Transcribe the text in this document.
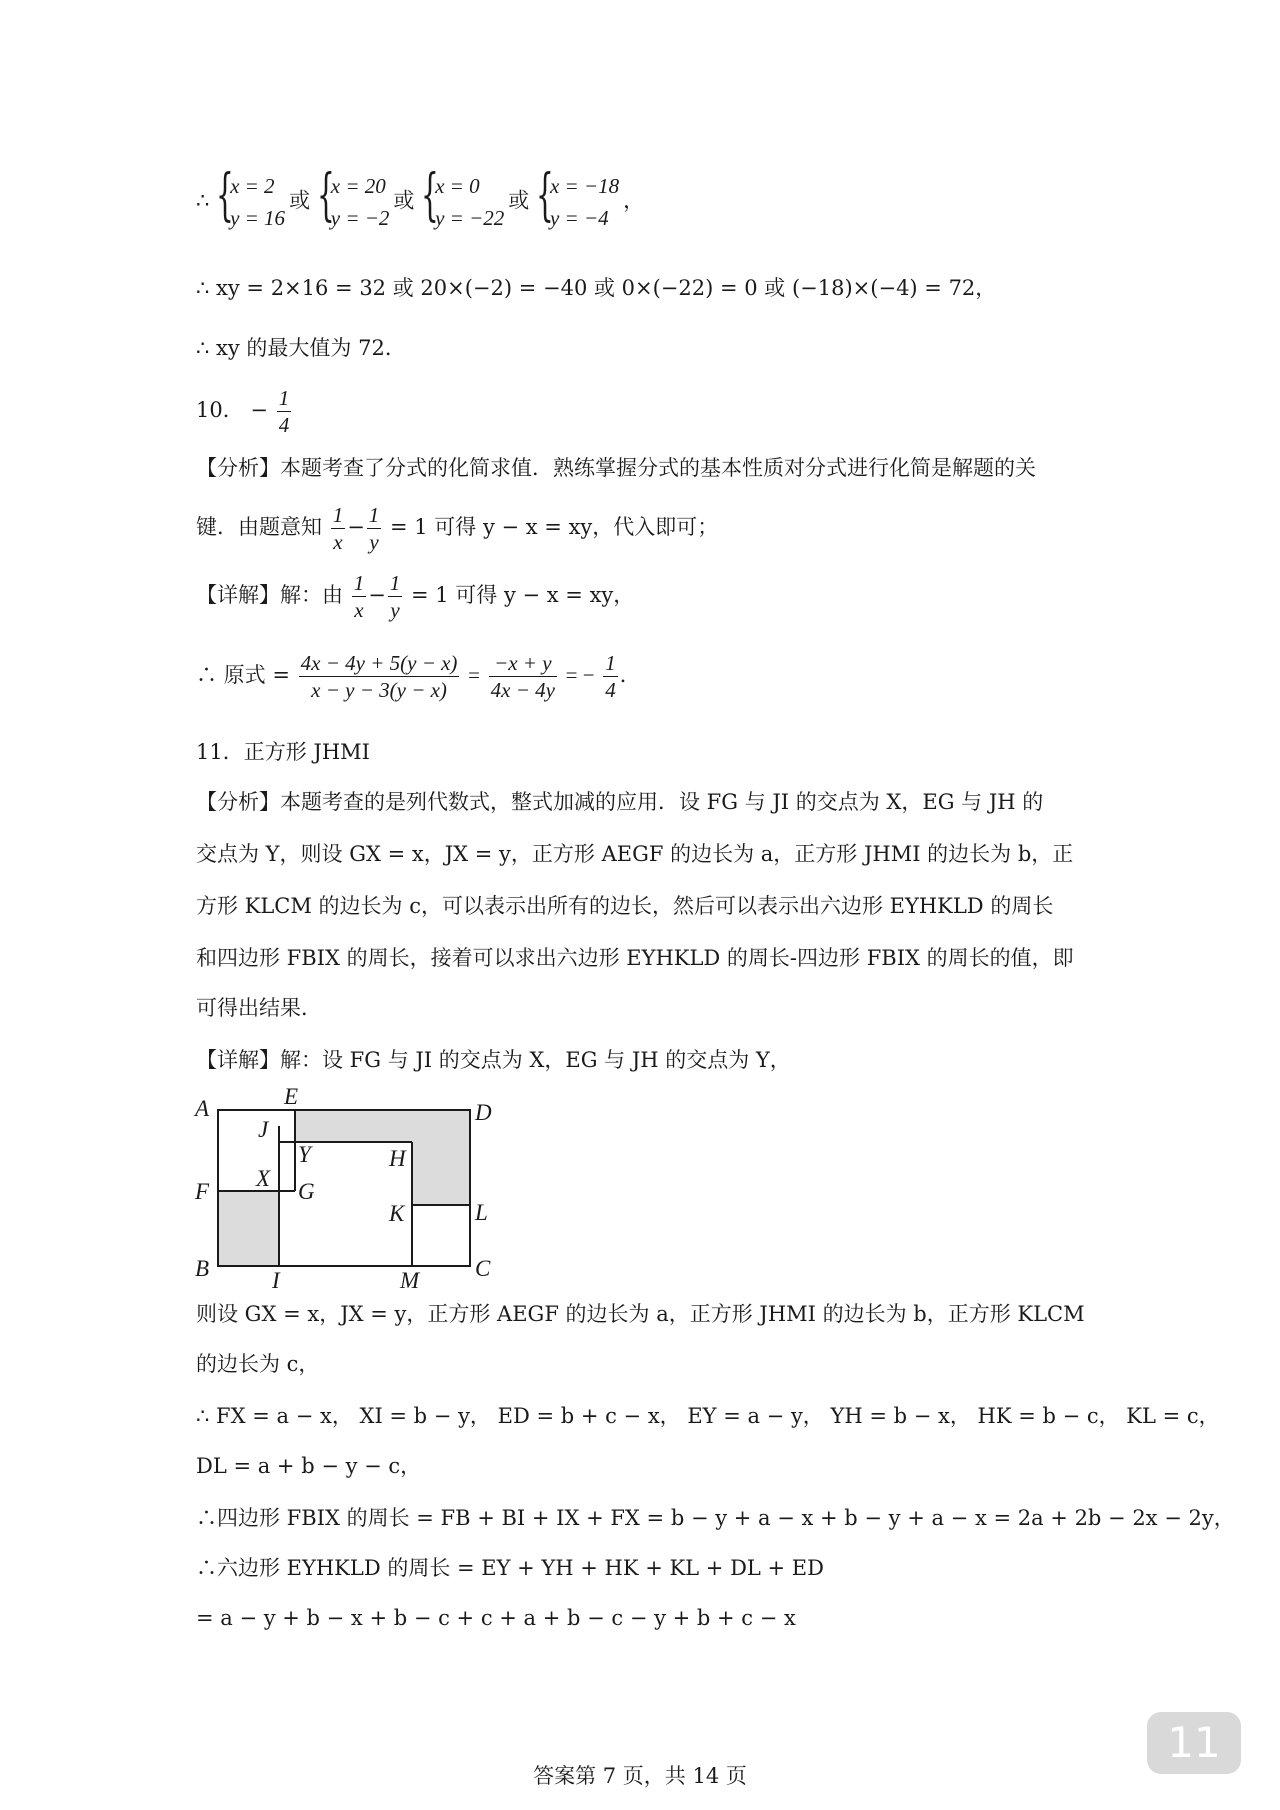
∴ {
x = 2
y = 16
或 {
x = 20
y = −2
或 {
x = 0
y = −22
或 {
x = −18
y = −4
，
∴ xy = 2×16 = 32 或 20×(−2) = −40 或 0×(−22) = 0 或 (−18)×(−4) = 72，
∴ xy 的最大值为 72．
10． − $\frac{1}{4}$
【分析】本题考查了分式的化简求值．熟练掌握分式的基本性质对分式进行化简是解题的关
键．由题意知 $\frac{1}{x} - \frac{1}{y} = 1$ 可得 y − x = xy，代入即可；
【详解】解：由 $\frac{1}{x} - \frac{1}{y} = 1$ 可得 y − x = xy，
∴ 原式 = $\frac{4x - 4y + 5(y - x)}{x - y - 3(y - x)} = \frac{-x + y}{4x - 4y}$ = − $\frac{1}{4}$ ．
11．正方形 JHMI
【分析】本题考查的是列代数式，整式加减的应用．设 FG 与 JI 的交点为 X，EG 与 JH 的
交点为 Y，则设 GX = x，JX = y，正方形 AEGF 的边长为 a，正方形 JHMI 的边长为 b，正
方形 KLCM 的边长为 c，可以表示出所有的边长，然后可以表示出六边形 EYHKLD 的周长
和四边形 FBIX 的周长，接着可以求出六边形 EYHKLD 的周长-四边形 FBIX 的周长的值，即
可得出结果．
【详解】解：设 FG 与 JI 的交点为 X，EG 与 JH 的交点为 Y，
A	E
D
J
Y	H
X
F	G
K	L
B	I	M C
则设 GX = x，JX = y，正方形 AEGF 的边长为 a，正方形 JHMI 的边长为 b，正方形 KLCM
的边长为 c，
∴ FX = a − x， XI = b − y， ED = b + c − x， EY = a − y， YH = b − x， HK = b − c， KL = c，
DL = a + b − y − c，
∴四边形 FBIX 的周长 = FB + BI + IX + FX = b − y + a − x + b − y + a − x = 2a + 2b − 2x − 2y，
∴六边形 EYHKLD 的周长 = EY + YH + HK + KL + DL + ED
= a − y + b − x + b − c + c + a + b − c − y + b + c − x
答案第 7 页，共 14 页
11
